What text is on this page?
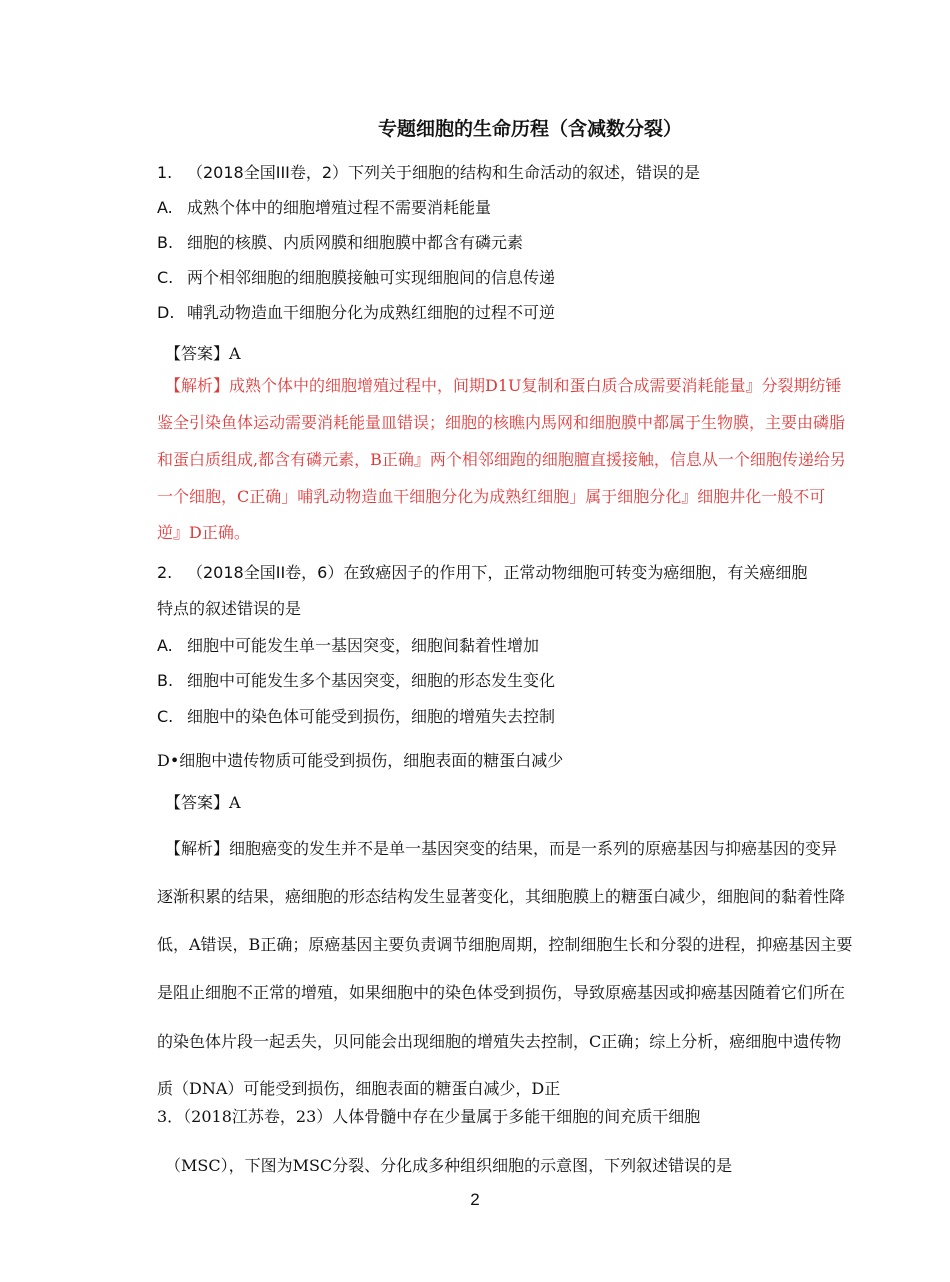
专题细胞的生命历程（含减数分裂）
1. （2018全国III卷，2）下列关于细胞的结构和生命活动的叙述，错误的是
A. 成熟个体中的细胞增殖过程不需要消耗能量
B. 细胞的核膜、内质网膜和细胞膜中都含有磷元素
C. 两个相邻细胞的细胞膜接触可实现细胞间的信息传递
D. 哺乳动物造血干细胞分化为成熟红细胞的过程不可逆
【答案】A
【解析】成熟个体中的细胞增殖过程中，间期D1U复制和蛋白质合成需要消耗能量』分裂期纺锤
鉴全引染鱼体运动需要消耗能量皿错误；细胞的核瞧内馬网和细胞膜中都属于生物膜，主要由磷脂
和蛋白质组成,都含有磷元素，B正确』两个相邻细跑的细胞膻直援接触，信息从一个细胞传递给另
一个细胞，C正确」哺乳动物造血干细胞分化为成熟红细胞」属于细胞分化』细胞井化一般不可
逆』D正确。
2. （2018全国II卷，6）在致癌因子的作用下，正常动物细胞可转变为癌细胞，有关癌细胞
特点的叙述错误的是
A. 细胞中可能发生单一基因突变，细胞间黏着性增加
B. 细胞中可能发生多个基因突变，细胞的形态发生变化
C. 细胞中的染色体可能受到损伤，细胞的增殖失去控制
D•细胞中遗传物质可能受到损伤，细胞表面的糖蛋白减少
【答案】A
【解析】细胞癌变的发生并不是单一基因突变的结果，而是一系列的原癌基因与抑癌基因的变异
逐渐积累的结果，癌细胞的形态结构发生显著变化，其细胞膜上的糖蛋白减少，细胞间的黏着性降
低，A错误，B正确；原癌基因主要负责调节细胞周期，控制细胞生长和分裂的进程，抑癌基因主要
是阻止细胞不正常的增殖，如果细胞中的染色体受到损伤，导致原癌基因或抑癌基因随着它们所在
的染色体片段一起丢失，贝冋能会出现细胞的增殖失去控制，C正确；综上分析，癌细胞中遗传物
质（DNA）可能受到损伤，细胞表面的糖蛋白减少，D正
3．（2018江苏卷，23）人体骨髓中存在少量属于多能干细胞的间充质干细胞
（MSC），下图为MSC分裂、分化成多种组织细胞的示意图，下列叙述错误的是
2
